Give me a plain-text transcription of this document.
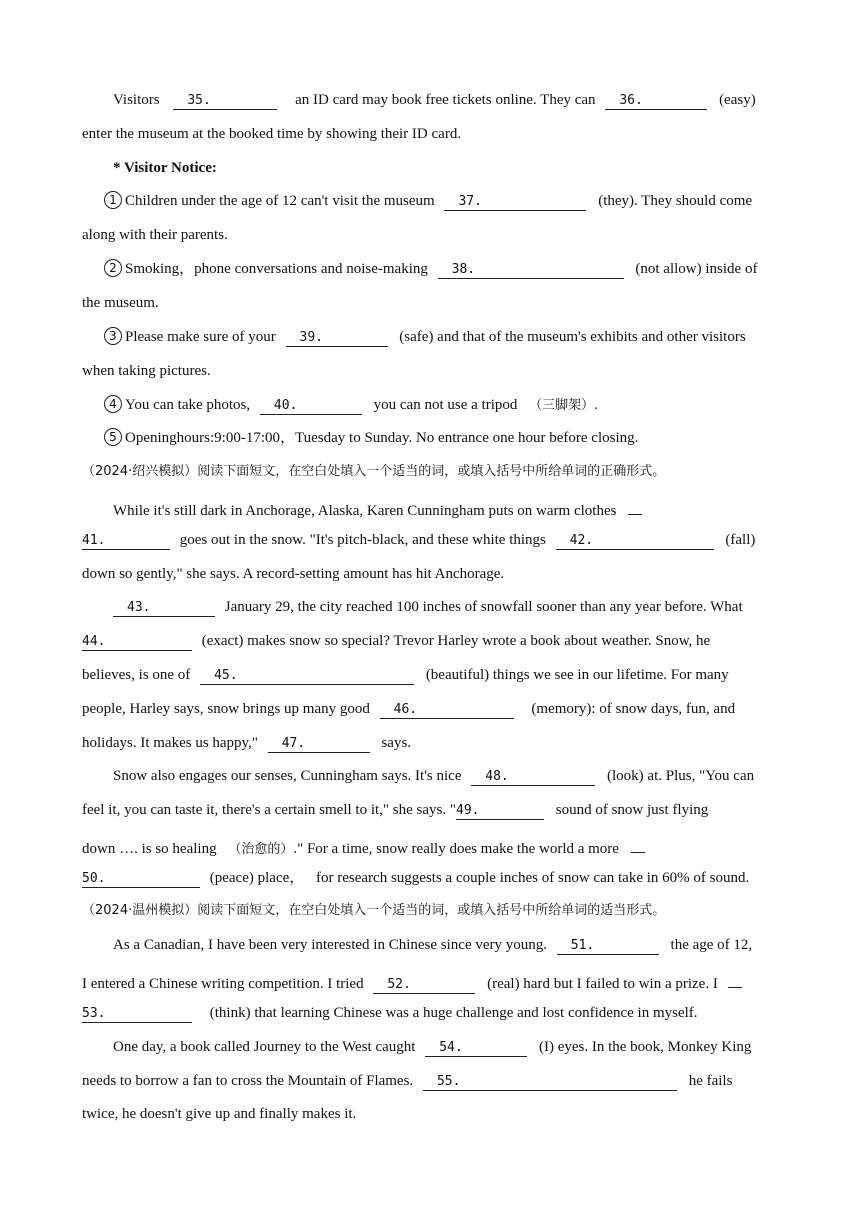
Visitors 35.	an ID card may book free tickets online. They can 36.	(easy)
enter the museum at the booked time by showing their ID card.
* Visitor Notice:
1 Children under the age of 12 can't visit the museum 37.	(they). They should come
along with their parents.
2 Smoking，phone conversations and noise-making 38.	(not allow) inside of
the museum.
3 Please make sure of your 39.	(safe) and that of the museum's exhibits and other visitors
when taking pictures.
4 You can take photos, 40.	you can not use a tripod （三脚架）.
5 Openinghours:9:00-17:00，Tuesday to Sunday. No entrance one hour before closing.
（2024·绍兴模拟）阅读下面短文，在空白处填入一个适当的词，或填入括号中所给单词的正确形式。
While it's still dark in Anchorage, Alaska, Karen Cunningham puts on warm clothes
41.	goes out in the snow. "It's pitch-black, and these white things 42.	(fall)
down so gently," she says. A record-setting amount has hit Anchorage.
43.	January 29, the city reached 100 inches of snowfall sooner than any year before. What
44.	(exact) makes snow so special? Trevor Harley wrote a book about weather. Snow, he
believes, is one of 45.	(beautiful) things we see in our lifetime. For many
people, Harley says, snow brings up many good 46.	(memory): of snow days, fun, and
holidays. It makes us happy," 47.	says.
Snow also engages our senses, Cunningham says. It's nice 48.	(look) at. Plus, "You can
feel it, you can taste it, there's a certain smell to it," she says. "49.	sound of snow just flying
down …. is so healing （治愈的）." For a time, snow really does make the world a more
50.	(peace) place， for research suggests a couple inches of snow can take in 60% of sound.
（2024·温州模拟）阅读下面短文，在空白处填入一个适当的词，或填入括号中所给单词的适当形式。
As a Canadian, I have been very interested in Chinese since very young. 51.	the age of 12,
I entered a Chinese writing competition. I tried 52.	(real) hard but I failed to win a prize. I
53.	(think) that learning Chinese was a huge challenge and lost confidence in myself.
One day, a book called Journey to the West caught 54.	(I) eyes. In the book, Monkey King
needs to borrow a fan to cross the Mountain of Flames. 55.	he fails
twice, he doesn't give up and finally makes it.
